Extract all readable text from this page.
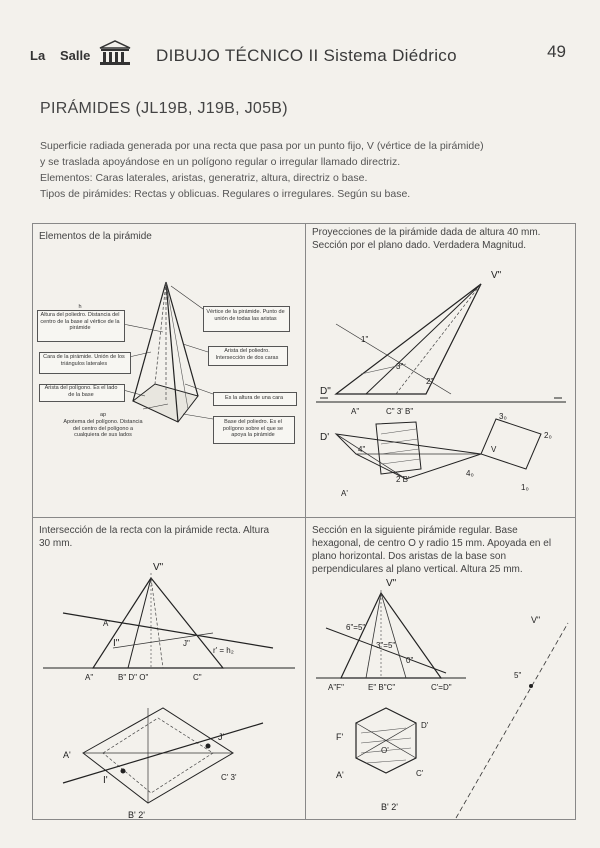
La Salle	DIBUJO TÉCNICO II Sistema Diédrico	49
PIRÁMIDES (JL19B, J19B, J05B)

Superficie radiada generada por una recta que pasa por un punto fijo, V (vértice de la pirámide)

y se traslada apoyándose en un polígono regular o irregular llamado directriz.

Elementos: Caras laterales, aristas, generatriz, altura, directriz o base.

Tipos de pirámides: Rectas y oblicuas. Regulares o irregulares. Según su base.

Elementos de la pirámide
h
Altura del poliedro. Distancia del centro de la base al vértice de la pirámide
Vértice de la pirámide. Punto de unión de todas las aristas
Cara de la pirámide. Unión de los triángulos laterales
Arista del poliedro. Intersección de dos caras
Arista del polígono. Es el lado de la base
Es la altura de una cara
ap
Apotema del polígono. Distancia del centro del polígono a cualquiera de sus lados
Base del poliedro. Es el polígono sobre el que se apoya la pirámide
Proyecciones de la pirámide dada de altura 40 mm. Sección por el plano dado. Verdadera Magnitud.
V"
D"
1"
3"
2"
A"	C" 3' B"
D'
4"
A'
2 B'
3₀
2₀
V
4₀
1₀
Intersección de la recta con la pirámide recta. Altura 30 mm.
V"
A'
I"	J"
r' = h₂
A"	B" D" O"	C"
A'
I'
J'
C' 3'
B' 2'
Sección en la siguiente pirámide regular. Base hexagonal, de centro O y radio 15 mm. Apoyada en el plano horizontal. Dos aristas de la base son perpendiculares al plano vertical. Altura 25 mm.
V"
6"=5"
3"=5"
0"
A"F"	E" B"C"	C'=D"
F'
D'
O'
A'	C'
B' 2'
V"
5"
